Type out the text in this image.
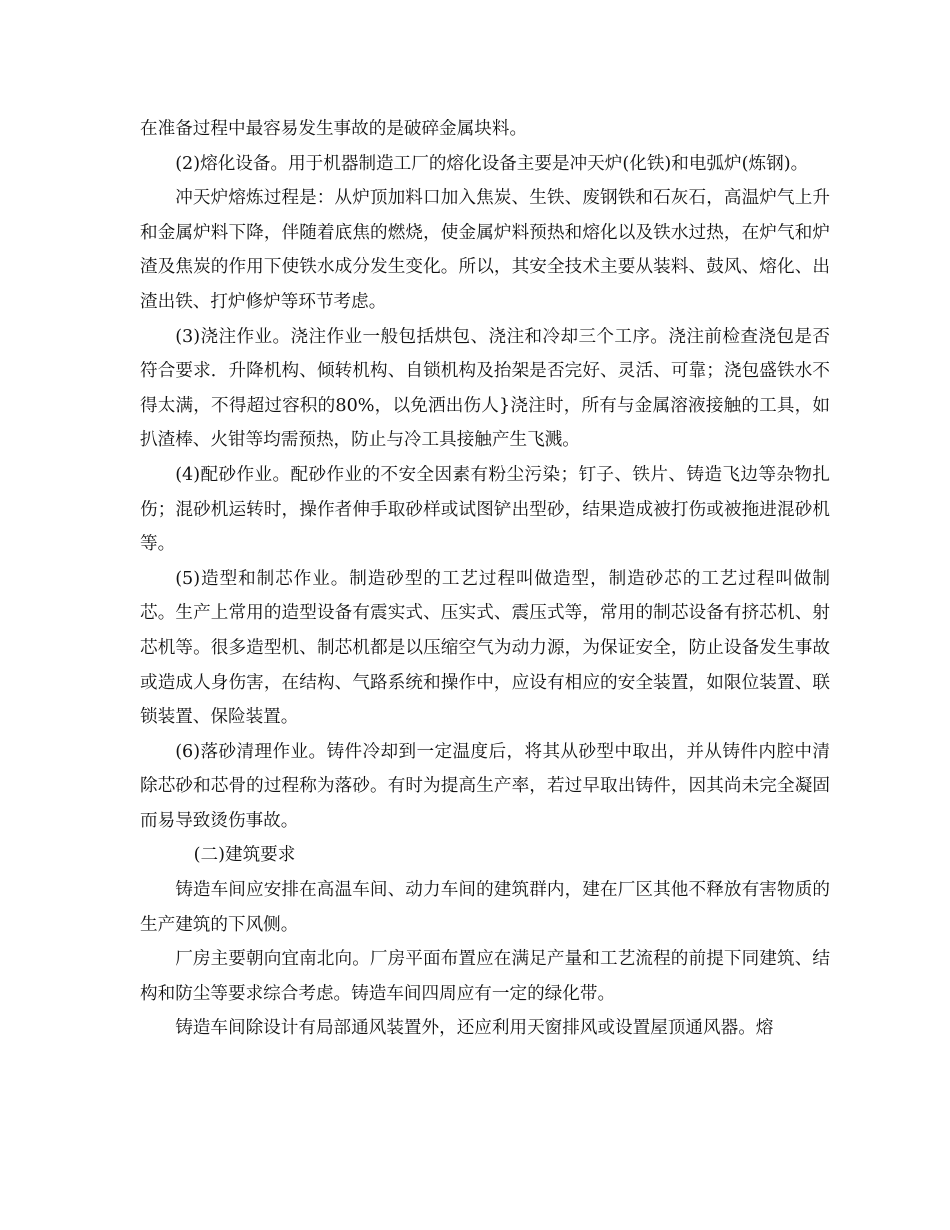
在准备过程中最容易发生事故的是破碎金属块料。

(2)熔化设备。用于机器制造工厂的熔化设备主要是冲天炉(化铁)和电弧炉(炼钢)。

冲天炉熔炼过程是：从炉顶加料口加入焦炭、生铁、废钢铁和石灰石，高温炉气上升和金属炉料下降，伴随着底焦的燃烧，使金属炉料预热和熔化以及铁水过热，在炉气和炉渣及焦炭的作用下使铁水成分发生变化。所以，其安全技术主要从装料、鼓风、熔化、出渣出铁、打炉修炉等环节考虑。

(3)浇注作业。浇注作业一般包括烘包、浇注和冷却三个工序。浇注前检查浇包是否符合要求．升降机构、倾转机构、自锁机构及抬架是否完好、灵活、可靠；浇包盛铁水不得太满，不得超过容积的80%，以免洒出伤人}浇注时，所有与金属溶液接触的工具，如扒渣棒、火钳等均需预热，防止与冷工具接触产生飞溅。

(4)配砂作业。配砂作业的不安全因素有粉尘污染；钉子、铁片、铸造飞边等杂物扎伤；混砂机运转时，操作者伸手取砂样或试图铲出型砂，结果造成被打伤或被拖进混砂机等。

(5)造型和制芯作业。制造砂型的工艺过程叫做造型，制造砂芯的工艺过程叫做制芯。生产上常用的造型设备有震实式、压实式、震压式等，常用的制芯设备有挤芯机、射芯机等。很多造型机、制芯机都是以压缩空气为动力源，为保证安全，防止设备发生事故或造成人身伤害，在结构、气路系统和操作中，应设有相应的安全装置，如限位装置、联锁装置、保险装置。

(6)落砂清理作业。铸件冷却到一定温度后，将其从砂型中取出，并从铸件内腔中清除芯砂和芯骨的过程称为落砂。有时为提高生产率，若过早取出铸件，因其尚未完全凝固而易导致烫伤事故。

(二)建筑要求

铸造车间应安排在高温车间、动力车间的建筑群内，建在厂区其他不释放有害物质的生产建筑的下风侧。

厂房主要朝向宜南北向。厂房平面布置应在满足产量和工艺流程的前提下同建筑、结构和防尘等要求综合考虑。铸造车间四周应有一定的绿化带。

铸造车间除设计有局部通风装置外，还应利用天窗排风或设置屋顶通风器。熔
